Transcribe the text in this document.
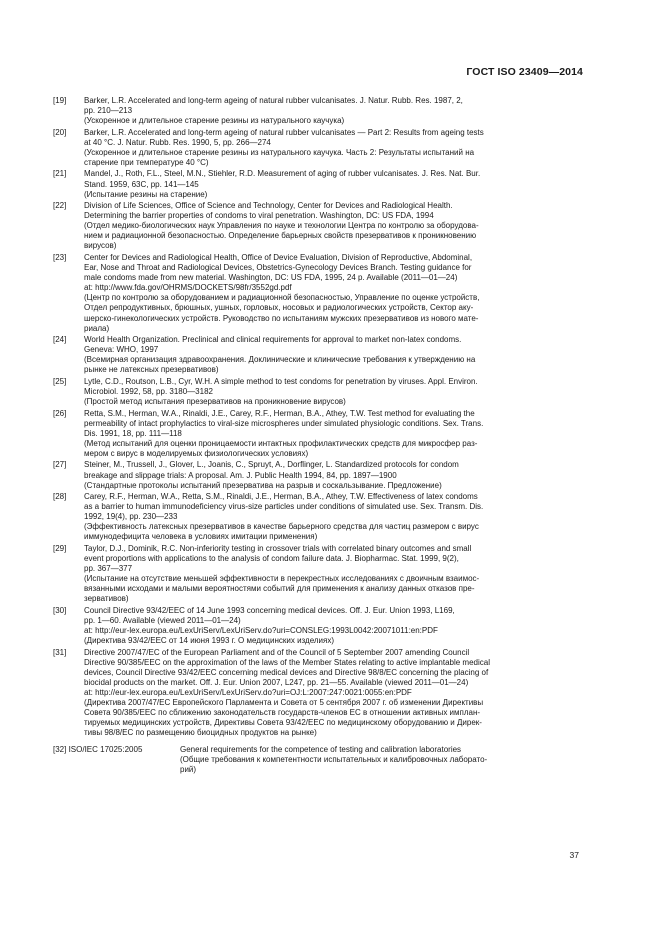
ГОСТ ISO 23409—2014
[19] Barker, L.R. Accelerated and long-term ageing of natural rubber vulcanisates. J. Natur. Rubb. Res. 1987, 2,
pp. 210—213
(Ускоренное и длительное старение резины из натурального каучука)
[20] Barker, L.R. Accelerated and long-term ageing of natural rubber vulcanisates — Part 2: Results from ageing tests
at 40 °C. J. Natur. Rubb. Res. 1990, 5, pp. 266—274
(Ускоренное и длительное старение резины из натурального каучука. Часть 2: Результаты испытаний на
старение при температуре 40 °C)
[21] Mandel, J., Roth, F.L., Steel, M.N., Stiehler, R.D. Measurement of aging of rubber vulcanisates. J. Res. Nat. Bur.
Stand. 1959, 63C, pp. 141—145
(Испытание резины на старение)
[22] Division of Life Sciences, Office of Science and Technology, Center for Devices and Radiological Health.
Determining the barrier properties of condoms to viral penetration. Washington, DC: US FDA, 1994
(Отдел медико-биологических наук Управления по науке и технологии Центра по контролю за оборудова-
нием и радиационной безопасностью. Определение барьерных свойств презервативов к проникновению
вирусов)
[23] Center for Devices and Radiological Health, Office of Device Evaluation, Division of Reproductive, Abdominal,
Ear, Nose and Throat and Radiological Devices, Obstetrics-Gynecology Devices Branch. Testing guidance for
male condoms made from new material. Washington, DC: US FDA, 1995, 24 p. Available (2011—01—24)
at: http://www.fda.gov/OHRMS/DOCKETS/98fr/3552gd.pdf
(Центр по контролю за оборудованием и радиационной безопасностью, Управление по оценке устройств,
Отдел репродуктивных, брюшных, ушных, горловых, носовых и радиологических устройств, Сектор аку-
шерско-гинекологических устройств. Руководство по испытаниям мужских презервативов из нового мате-
риала)
[24] World Health Organization. Preclinical and clinical requirements for approval to market non-latex condoms.
Geneva: WHO, 1997
(Всемирная организация здравоохранения. Доклинические и клинические требования к утверждению на
рынке не латексных презервативов)
[25] Lytle, C.D., Routson, L.B., Cyr, W.H. A simple method to test condoms for penetration by viruses. Appl. Environ.
Microbiol. 1992, 58, pp. 3180—3182
(Простой метод испытания презервативов на проникновение вирусов)
[26] Retta, S.M., Herman, W.A., Rinaldi, J.E., Carey, R.F., Herman, B.A., Athey, T.W. Test method for evaluating the
permeability of intact prophylactics to viral-size microspheres under simulated physiologic conditions. Sex. Trans.
Dis. 1991, 18, pp. 111—118
(Метод испытаний для оценки проницаемости интактных профилактических средств для микросфер раз-
мером с вирус в моделируемых физиологических условиях)
[27] Steiner, M., Trussell, J., Glover, L., Joanis, C., Spruyt, A., Dorflinger, L. Standardized protocols for condom
breakage and slippage trials: A proposal. Am. J. Public Health 1994, 84, pp. 1897—1900
(Стандартные протоколы испытаний презерватива на разрыв и соскальзывание. Предложение)
[28] Carey, R.F., Herman, W.A., Retta, S.M., Rinaldi, J.E., Herman, B.A., Athey, T.W. Effectiveness of latex condoms
as a barrier to human immunodeficiency virus-size particles under conditions of simulated use. Sex. Transm. Dis.
1992, 19(4), pp. 230—233
(Эффективность латексных презервативов в качестве барьерного средства для частиц размером с вирус
иммунодефицита человека в условиях имитации применения)
[29] Taylor, D.J., Dominik, R.C. Non-inferiority testing in crossover trials with correlated binary outcomes and small
event proportions with applications to the analysis of condom failure data. J. Biopharmac. Stat. 1999, 9(2),
pp. 367—377
(Испытание на отсутствие меньшей эффективности в перекрестных исследованиях с двоичным взаимос-
вязанными исходами и малыми вероятностями событий для применения к анализу данных отказов пре-
зервативов)
[30] Council Directive 93/42/EEC of 14 June 1993 concerning medical devices. Off. J. Eur. Union 1993, L169,
pp. 1—60. Available (viewed 2011—01—24)
at: http://eur-lex.europa.eu/LexUriServ/LexUriServ.do?uri=CONSLEG:1993L0042:20071011:en:PDF
(Директива 93/42/EEC от 14 июня 1993 г. О медицинских изделиях)
[31] Directive 2007/47/EC of the European Parliament and of the Council of 5 September 2007 amending Council
Directive 90/385/EEC on the approximation of the laws of the Member States relating to active implantable medical
devices, Council Directive 93/42/EEC concerning medical devices and Directive 98/8/EC concerning the placing of
biocidal products on the market. Off. J. Eur. Union 2007, L247, pp. 21—55. Available (viewed 2011—01—24)
at: http://eur-lex.europa.eu/LexUriServ/LexUriServ.do?uri=OJ:L:2007:247:0021:0055:en:PDF
(Директива 2007/47/EC Европейского Парламента и Совета от 5 сентября 2007 г. об изменении Директивы
Совета 90/385/EEC по сближению законодательств государств-членов ЕС в отношении активных имплан-
тируемых медицинских устройств, Директивы Совета 93/42/EEC по медицинскому оборудованию и Дирек-
тивы 98/8/EC по размещению биоцидных продуктов на рынке)
[32] ISO/IEC 17025:2005	General requirements for the competence of testing and calibration laboratories
(Общие требования к компетентности испытательных и калибровочных лаборато-
рий)
37
